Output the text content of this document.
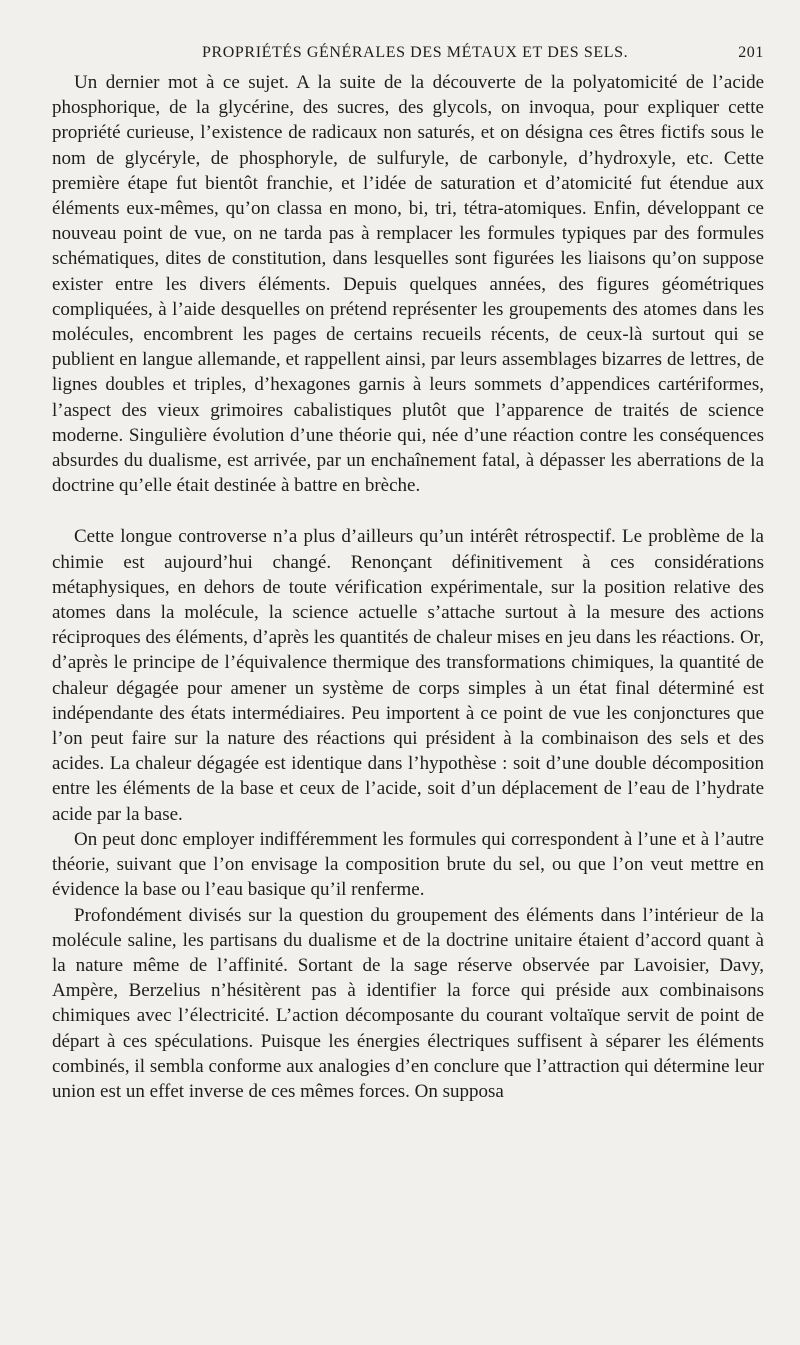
PROPRIÉTÉS GÉNÉRALES DES MÉTAUX ET DES SELS.	201

Un dernier mot à ce sujet. A la suite de la découverte de la polyatomicité de l’acide phosphorique, de la glycérine, des sucres, des glycols, on invoqua, pour expliquer cette propriété curieuse, l’existence de radicaux non saturés, et on désigna ces êtres fictifs sous le nom de glycéryle, de phosphoryle, de sulfuryle, de carbonyle, d’hydroxyle, etc. Cette première étape fut bientôt franchie, et l’idée de saturation et d’atomicité fut étendue aux éléments eux-mêmes, qu’on classa en mono, bi, tri, tétra-atomiques. Enfin, développant ce nouveau point de vue, on ne tarda pas à remplacer les formules typiques par des formules schématiques, dites de constitution, dans lesquelles sont figurées les liaisons qu’on suppose exister entre les divers éléments. Depuis quelques années, des figures géométriques compliquées, à l’aide desquelles on prétend représenter les groupements des atomes dans les molécules, encombrent les pages de certains recueils récents, de ceux-là surtout qui se publient en langue allemande, et rappellent ainsi, par leurs assemblages bizarres de lettres, de lignes doubles et triples, d’hexagones garnis à leurs sommets d’appendices cartériformes, l’aspect des vieux grimoires cabalistiques plutôt que l’apparence de traités de science moderne. Singulière évolution d’une théorie qui, née d’une réaction contre les conséquences absurdes du dualisme, est arrivée, par un enchaînement fatal, à dépasser les aberrations de la doctrine qu’elle était destinée à battre en brèche.

Cette longue controverse n’a plus d’ailleurs qu’un intérêt rétrospectif. Le problème de la chimie est aujourd’hui changé. Renonçant définitivement à ces considérations métaphysiques, en dehors de toute vérification expérimentale, sur la position relative des atomes dans la molécule, la science actuelle s’attache surtout à la mesure des actions réciproques des éléments, d’après les quantités de chaleur mises en jeu dans les réactions. Or, d’après le principe de l’équivalence thermique des transformations chimiques, la quantité de chaleur dégagée pour amener un système de corps simples à un état final déterminé est indépendante des états intermédiaires. Peu importent à ce point de vue les conjonctures que l’on peut faire sur la nature des réactions qui président à la combinaison des sels et des acides. La chaleur dégagée est identique dans l’hypothèse : soit d’une double décomposition entre les éléments de la base et ceux de l’acide, soit d’un déplacement de l’eau de l’hydrate acide par la base.

On peut donc employer indifféremment les formules qui correspondent à l’une et à l’autre théorie, suivant que l’on envisage la composition brute du sel, ou que l’on veut mettre en évidence la base ou l’eau basique qu’il renferme.

Profondément divisés sur la question du groupement des éléments dans l’intérieur de la molécule saline, les partisans du dualisme et de la doctrine unitaire étaient d’accord quant à la nature même de l’affinité. Sortant de la sage réserve observée par Lavoisier, Davy, Ampère, Berzelius n’hésitèrent pas à identifier la force qui préside aux combinaisons chimiques avec l’électricité. L’action décomposante du courant voltaïque servit de point de départ à ces spéculations. Puisque les énergies électriques suffisent à séparer les éléments combinés, il sembla conforme aux analogies d’en conclure que l’attraction qui détermine leur union est un effet inverse de ces mêmes forces. On supposa
